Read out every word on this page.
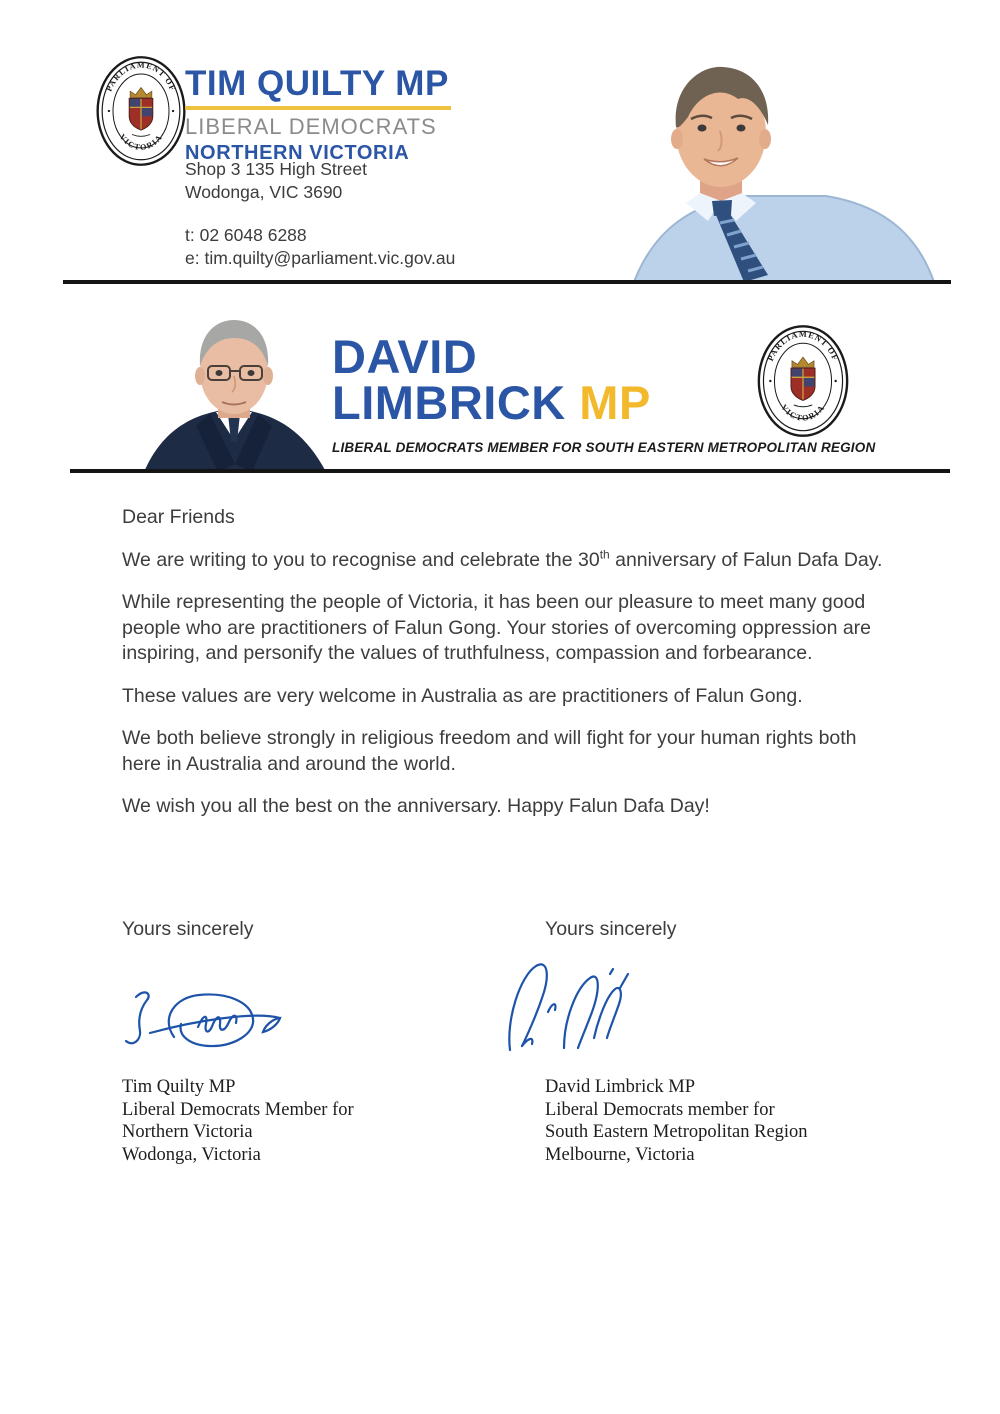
PARLIAMENT OF
VICTORIA
TIM QUILTY MP
LIBERAL DEMOCRATS
NORTHERN VICTORIA
Shop 3 135 High Street
Wodonga, VIC 3690
t: 02 6048 6288
e: tim.quilty@parliament.vic.gov.au
DAVID
LIMBRICK MP
LIBERAL DEMOCRATS MEMBER FOR SOUTH EASTERN METROPOLITAN REGION
PARLIAMENT OF
VICTORIA

Dear Friends

We are writing to you to recognise and celebrate the 30th anniversary of Falun Dafa Day.

While representing the people of Victoria, it has been our pleasure to meet many good people who are practitioners of Falun Gong. Your stories of overcoming oppression are inspiring, and personify the values of truthfulness, compassion and forbearance.

These values are very welcome in Australia as are practitioners of Falun Gong.

We both believe strongly in religious freedom and will fight for your human rights both here in Australia and around the world.

We wish you all the best on the anniversary. Happy Falun Dafa Day!

Yours sincerely	Yours sincerely
Tim Quilty MP
Liberal Democrats Member for
Northern Victoria
Wodonga, Victoria
David Limbrick MP
Liberal Democrats member for
South Eastern Metropolitan Region
Melbourne, Victoria
